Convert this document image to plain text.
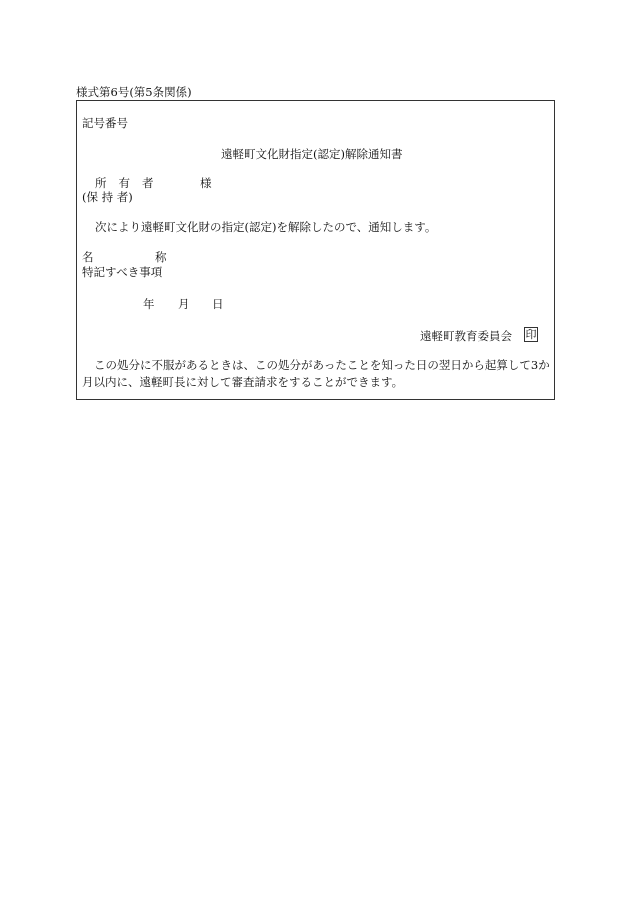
様式第6号(第5条関係)
記号番号
遠軽町文化財指定(認定)解除通知書
所 有 者	様
(保 持 者)
次により遠軽町文化財の指定(認定)を解除したので、通知します。
名	称
特記すべき事項
年 月 日
遠軽町教育委員会 印
この処分に不服があるときは、この処分があったことを知った日の翌日から起算して3か月以内に、遠軽町長に対して審査請求をすることができます。
